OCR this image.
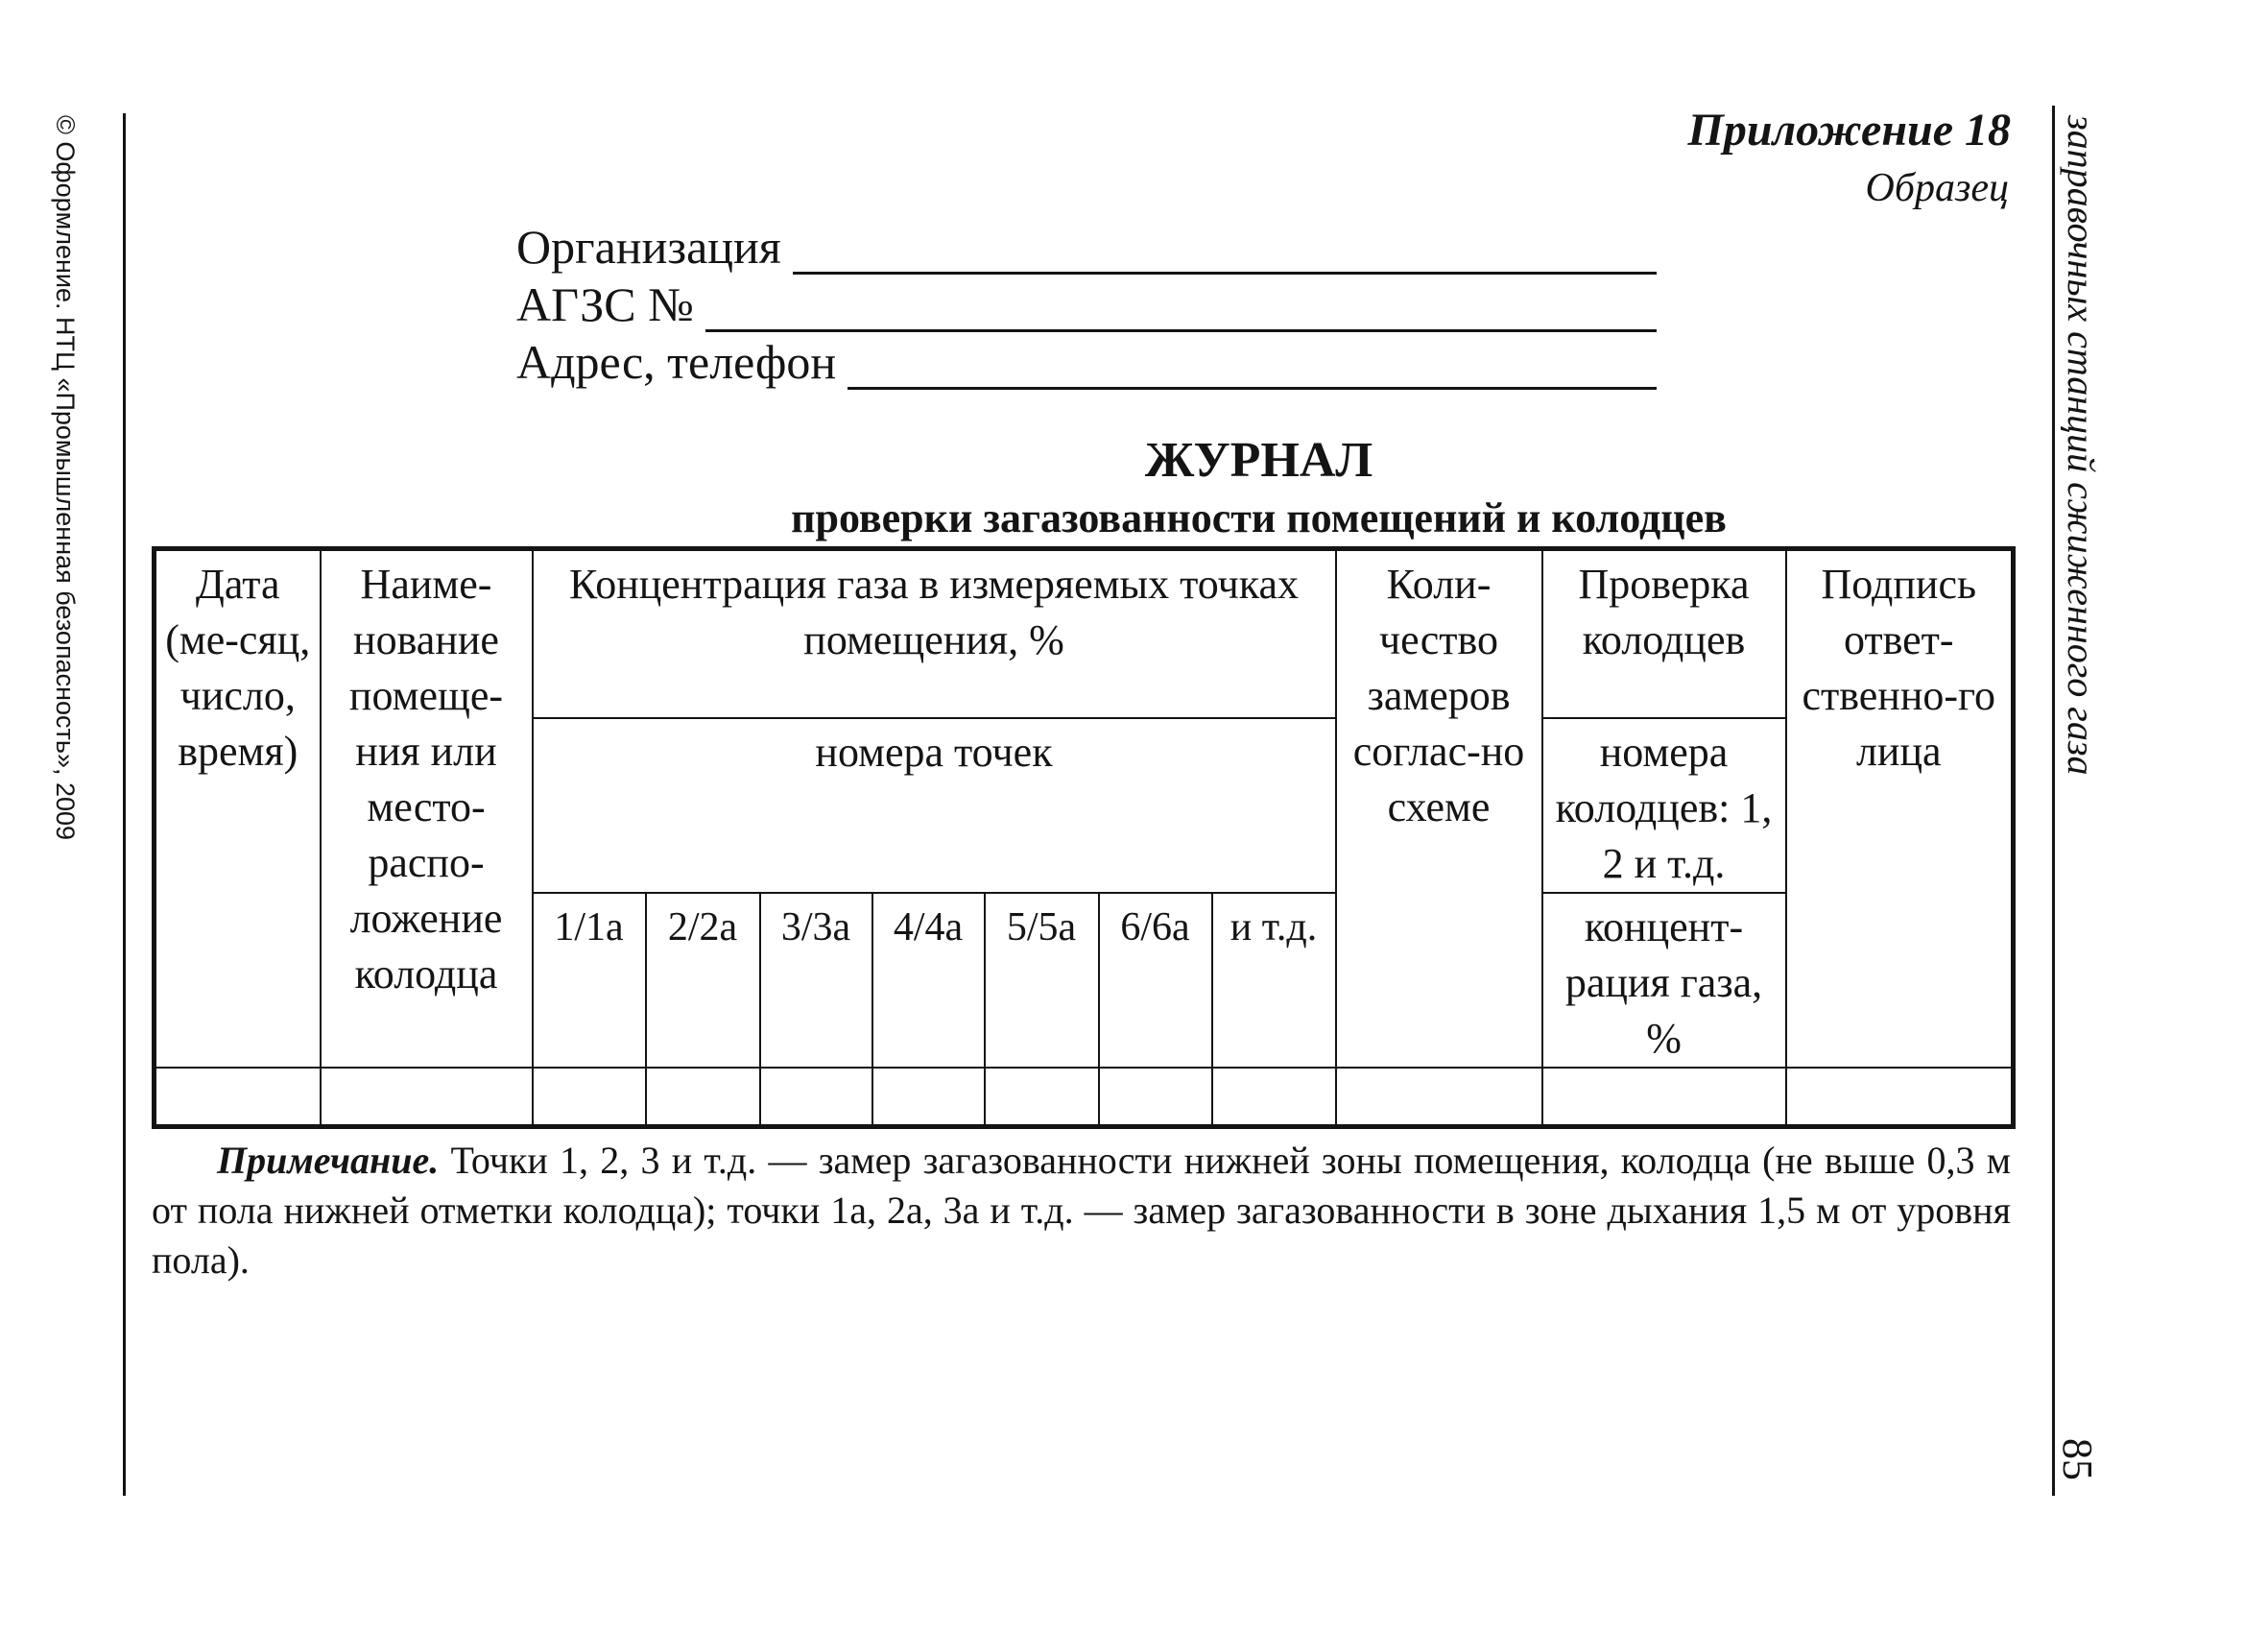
© Оформление. НТЦ «Промышленная безопасность», 2009	заправочных станций сжиженного газа
85
Приложение 18
Образец
Организация
АГЗС №
Адрес, телефон
ЖУРНАЛ
проверки загазованности помещений и колодцев
Дата (ме-сяц, число, время)	Наиме-нование помеще-ния или место-распо-ложение колодца	Концентрация газа в измеряемых точках помещения, %							Коли-чество замеров соглас-но схеме	Проверка колодцев	Подпись ответ-ственно-го лица
		номера точек								номера колодцев: 1, 2 и т.д.	
		1/1а	2/2а	3/3а	4/4а	5/5а	6/6а	и т.д.		концент-рация газа, %	

Примечание. Точки 1, 2, 3 и т.д. — замер загазованности нижней зоны помещения, колодца (не выше 0,3 м от пола нижней отметки колодца); точки 1а, 2а, 3а и т.д. — замер загазованности в зоне дыхания 1,5 м от уровня пола).
